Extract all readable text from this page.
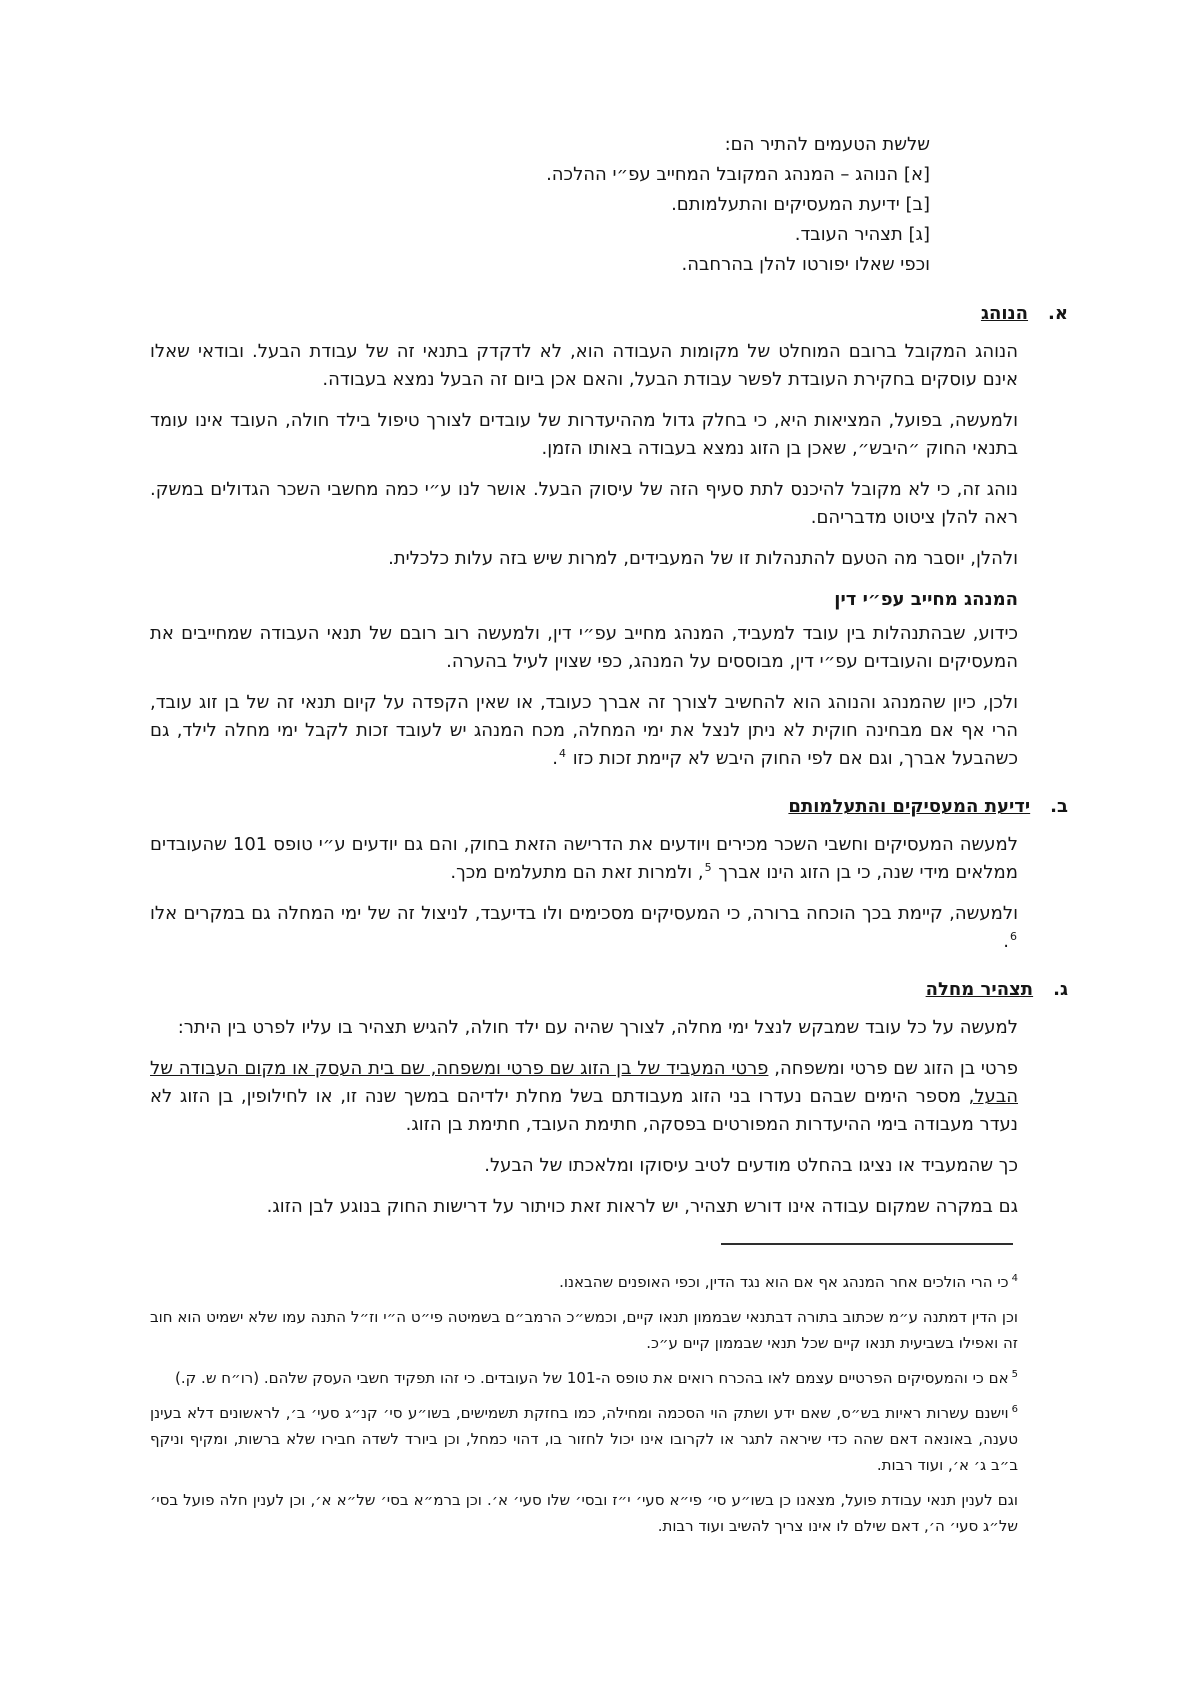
שלשת הטעמים להתיר הם:
[א] הנוהג – המנהג המקובל המחייב עפ״י ההלכה.
[ב] ידיעת המעסיקים והתעלמותם.
[ג] תצהיר העובד.
וכפי שאלו יפורטו להלן בהרחבה.
א.הנוהג

הנוהג המקובל ברובם המוחלט של מקומות העבודה הוא, לא לדקדק בתנאי זה של עבודת הבעל. ובודאי שאלו אינם עוסקים בחקירת העובדת לפשר עבודת הבעל, והאם אכן ביום זה הבעל נמצא בעבודה.

ולמעשה, בפועל, המציאות היא, כי בחלק גדול מההיעדרות של עובדים לצורך טיפול בילד חולה, העובד אינו עומד בתנאי החוק ״היבש״, שאכן בן הזוג נמצא בעבודה באותו הזמן.

נוהג זה, כי לא מקובל להיכנס לתת סעיף הזה של עיסוק הבעל. אושר לנו ע״י כמה מחשבי השכר הגדולים במשק. ראה להלן ציטוט מדבריהם.

ולהלן, יוסבר מה הטעם להתנהלות זו של המעבידים, למרות שיש בזה עלות כלכלית.

המנהג מחייב עפ״י דין

כידוע, שבהתנהלות בין עובד למעביד, המנהג מחייב עפ״י דין, ולמעשה רוב רובם של תנאי העבודה שמחייבים את המעסיקים והעובדים עפ״י דין, מבוססים על המנהג, כפי שצוין לעיל בהערה.

ולכן, כיון שהמנהג והנוהג הוא להחשיב לצורך זה אברך כעובד, או שאין הקפדה על קיום תנאי זה של בן זוג עובד, הרי אף אם מבחינה חוקית לא ניתן לנצל את ימי המחלה, מכח המנהג יש לעובד זכות לקבל ימי מחלה לילד, גם כשהבעל אברך, וגם אם לפי החוק היבש לא קיימת זכות כזו $^4$.

ב.ידיעת המעסיקים והתעלמותם

למעשה המעסיקים וחשבי השכר מכירים ויודעים את הדרישה הזאת בחוק, והם גם יודעים ע״י טופס 101 שהעובדים ממלאים מידי שנה, כי בן הזוג הינו אברך $^5$, ולמרות זאת הם מתעלמים מכך.

ולמעשה, קיימת בכך הוכחה ברורה, כי המעסיקים מסכימים ולו בדיעבד, לניצול זה של ימי המחלה גם במקרים אלו $^6$.

ג.תצהיר מחלה

למעשה על כל עובד שמבקש לנצל ימי מחלה, לצורך שהיה עם ילד חולה, להגיש תצהיר בו עליו לפרט בין היתר:

פרטי בן הזוג שם פרטי ומשפחה, פרטי המעביד של בן הזוג שם פרטי ומשפחה, שם בית העסק או מקום העבודה של הבעל, מספר הימים שבהם נעדרו בני הזוג מעבודתם בשל מחלת ילדיהם במשך שנה זו, או לחילופין, בן הזוג לא נעדר מעבודה בימי ההיעדרות המפורטים בפסקה, חתימת העובד, חתימת בן הזוג.

כך שהמעביד או נציגו בהחלט מודעים לטיב עיסוקו ומלאכתו של הבעל.

גם במקרה שמקום עבודה אינו דורש תצהיר, יש לראות זאת כויתור על דרישות החוק בנוגע לבן הזוג.

$^4$כי הרי הולכים אחר המנהג אף אם הוא נגד הדין, וכפי האופנים שהבאנו.

וכן הדין דמתנה ע״מ שכתוב בתורה דבתנאי שבממון תנאו קיים, וכמש״כ הרמב״ם בשמיטה פי״ט ה״י וז״ל התנה עמו שלא ישמיט הוא חוב זה ואפילו בשביעית תנאו קיים שכל תנאי שבממון קיים ע״כ.

$^5$אם כי והמעסיקים הפרטיים עצמם לאו בהכרח רואים את טופס ה-101 של העובדים. כי זהו תפקיד חשבי העסק שלהם. (רו״ח ש. ק.)

$^6$וישנם עשרות ראיות בש״ס, שאם ידע ושתק הוי הסכמה ומחילה, כמו בחזקת תשמישים, בשו״ע סי׳ קנ״ג סעי׳ ב׳, לראשונים דלא בעינן טענה, באונאה דאם שהה כדי שיראה לתגר או לקרובו אינו יכול לחזור בו, דהוי כמחל, וכן ביורד לשדה חבירו שלא ברשות, ומקיף וניקף ב״ב ג׳ א׳, ועוד רבות.

וגם לענין תנאי עבודת פועל, מצאנו כן בשו״ע סי׳ פי״א סעי׳ י״ז ובסי׳ שלו סעי׳ א׳. וכן ברמ״א בסי׳ של״א א׳, וכן לענין חלה פועל בסי׳ של״ג סעי׳ ה׳, דאם שילם לו אינו צריך להשיב ועוד רבות.
